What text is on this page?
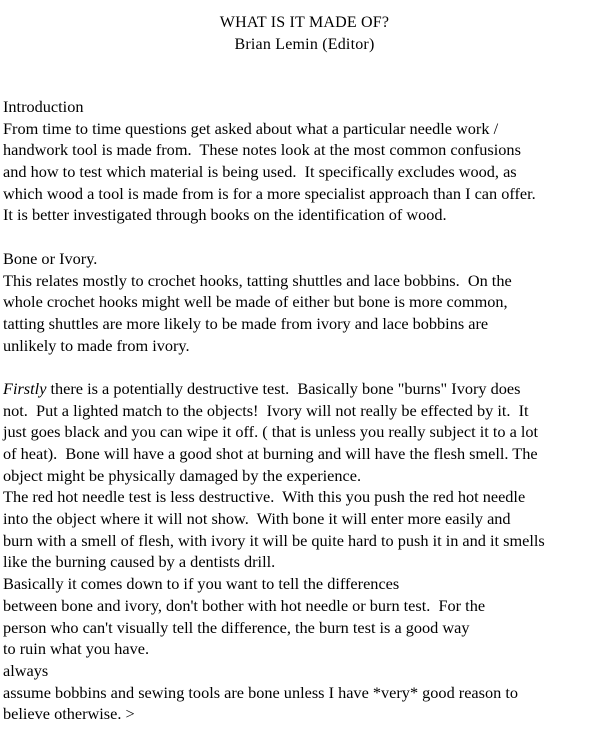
WHAT IS IT MADE OF?
Brian Lemin (Editor)
Introduction
From time to time questions get asked about what a particular needle work /
handwork tool is made from.  These notes look at the most common confusions
and how to test which material is being used.  It specifically excludes wood, as
which wood a tool is made from is for a more specialist approach than I can offer.
It is better investigated through books on the identification of wood.
Bone or Ivory.
This relates mostly to crochet hooks, tatting shuttles and lace bobbins.  On the
whole crochet hooks might well be made of either but bone is more common,
tatting shuttles are more likely to be made from ivory and lace bobbins are
unlikely to made from ivory.
Firstly there is a potentially destructive test.  Basically bone "burns" Ivory does
not.  Put a lighted match to the objects!  Ivory will not really be effected by it.  It
just goes black and you can wipe it off. ( that is unless you really subject it to a lot
of heat).  Bone will have a good shot at burning and will have the flesh smell. The
object might be physically damaged by the experience.
The red hot needle test is less destructive.  With this you push the red hot needle
into the object where it will not show.  With bone it will enter more easily and
burn with a smell of flesh, with ivory it will be quite hard to push it in and it smells
like the burning caused by a dentists drill.
Basically it comes down to if you want to tell the differences
between bone and ivory, don't bother with hot needle or burn test.  For the
person who can't visually tell the difference, the burn test is a good way
to ruin what you have.
always
assume bobbins and sewing tools are bone unless I have *very* good reason to
believe otherwise. >
